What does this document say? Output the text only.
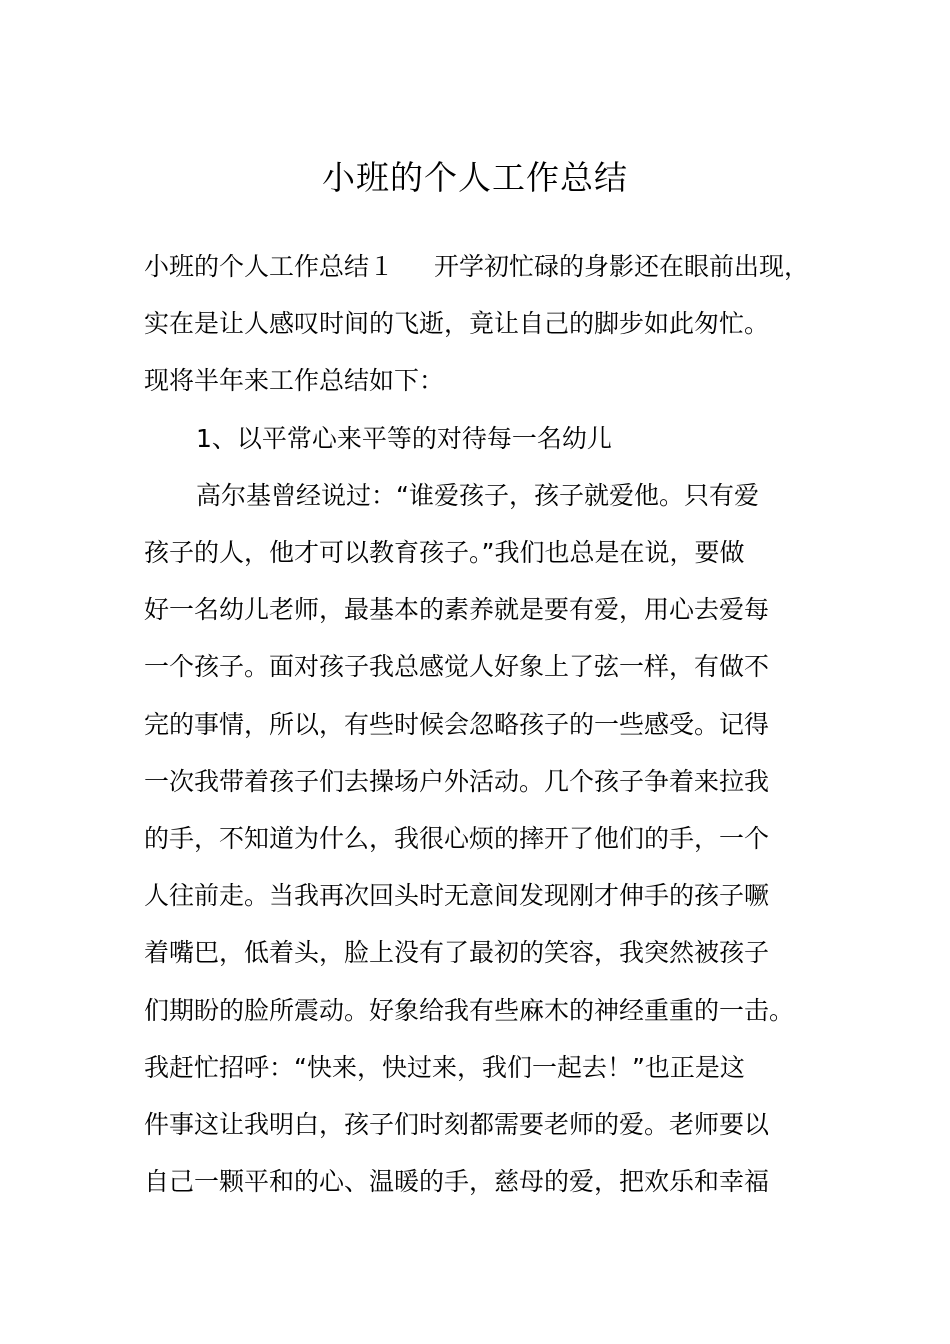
小班的个人工作总结

小班的个人工作总结１ 开学初忙碌的身影还在眼前出现，

实在是让人感叹时间的飞逝，竟让自己的脚步如此匆忙。

现将半年来工作总结如下：

1、以平常心来平等的对待每一名幼儿

高尔基曾经说过：“谁爱孩子，孩子就爱他。只有爱

孩子的人，他才可以教育孩子。”我们也总是在说，要做

好一名幼儿老师，最基本的素养就是要有爱，用心去爱每

一个孩子。面对孩子我总感觉人好象上了弦一样，有做不

完的事情，所以，有些时候会忽略孩子的一些感受。记得

一次我带着孩子们去操场户外活动。几个孩子争着来拉我

的手，不知道为什么，我很心烦的摔开了他们的手，一个

人往前走。当我再次回头时无意间发现刚才伸手的孩子噘

着嘴巴，低着头，脸上没有了最初的笑容，我突然被孩子

们期盼的脸所震动。好象给我有些麻木的神经重重的一击。

我赶忙招呼：“快来，快过来，我们一起去！”也正是这

件事这让我明白，孩子们时刻都需要老师的爱。老师要以

自己一颗平和的心、温暖的手，慈母的爱，把欢乐和幸福
